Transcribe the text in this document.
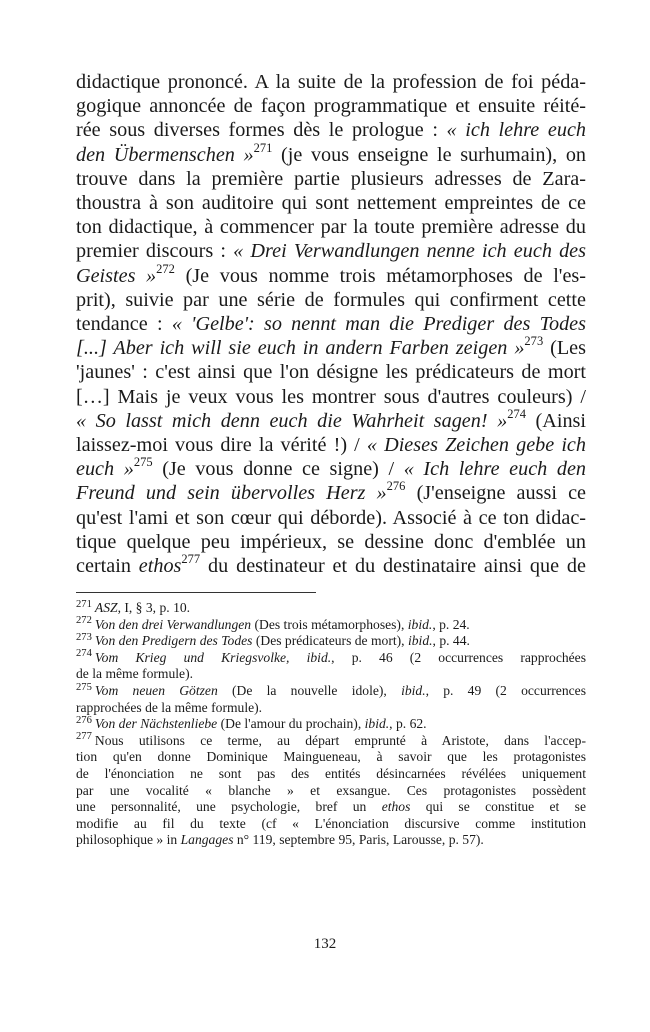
didactique prononcé. A la suite de la profession de foi péda-
gogique annoncée de façon programmatique et ensuite réité-
rée sous diverses formes dès le prologue : « ich lehre euch
den Übermenschen »$^{271}$ (je vous enseigne le surhumain), on
trouve dans la première partie plusieurs adresses de Zara-
thoustra à son auditoire qui sont nettement empreintes de ce
ton didactique, à commencer par la toute première adresse du
premier discours : « Drei Verwandlungen nenne ich euch des
Geistes »$^{272}$ (Je vous nomme trois métamorphoses de l'es-
prit), suivie par une série de formules qui confirment cette
tendance : « 'Gelbe': so nennt man die Prediger des Todes
[...] Aber ich will sie euch in andern Farben zeigen »$^{273}$ (Les
'jaunes' : c'est ainsi que l'on désigne les prédicateurs de mort
[…] Mais je veux vous les montrer sous d'autres couleurs) /
« So lasst mich denn euch die Wahrheit sagen! »$^{274}$ (Ainsi
laissez-moi vous dire la vérité !) / « Dieses Zeichen gebe ich
euch »$^{275}$ (Je vous donne ce signe) / « Ich lehre euch den
Freund und sein übervolles Herz »$^{276}$ (J'enseigne aussi ce
qu'est l'ami et son cœur qui déborde). Associé à ce ton didac-
tique quelque peu impérieux, se dessine donc d'emblée un
certain ethos$^{277}$ du destinateur et du destinataire ainsi que de
$^{271}$ ASZ, I, § 3, p. 10.
$^{272}$ Von den drei Verwandlungen (Des trois métamorphoses), ibid., p. 24.
$^{273}$ Von den Predigern des Todes (Des prédicateurs de mort), ibid., p. 44.
$^{274}$ Vom Krieg und Kriegsvolke, ibid., p. 46 (2 occurrences rapprochées
de la même formule).
$^{275}$ Vom neuen Götzen (De la nouvelle idole), ibid., p. 49 (2 occurrences
rapprochées de la même formule).
$^{276}$ Von der Nächstenliebe (De l'amour du prochain), ibid., p. 62.
$^{277}$ Nous utilisons ce terme, au départ emprunté à Aristote, dans l'accep-
tion qu'en donne Dominique Maingueneau, à savoir que les protagonistes
de l'énonciation ne sont pas des entités désincarnées révélées uniquement
par une vocalité « blanche » et exsangue. Ces protagonistes possèdent
une personnalité, une psychologie, bref un ethos qui se constitue et se
modifie au fil du texte (cf « L'énonciation discursive comme institution
philosophique » in Langages n° 119, septembre 95, Paris, Larousse, p. 57).
132
